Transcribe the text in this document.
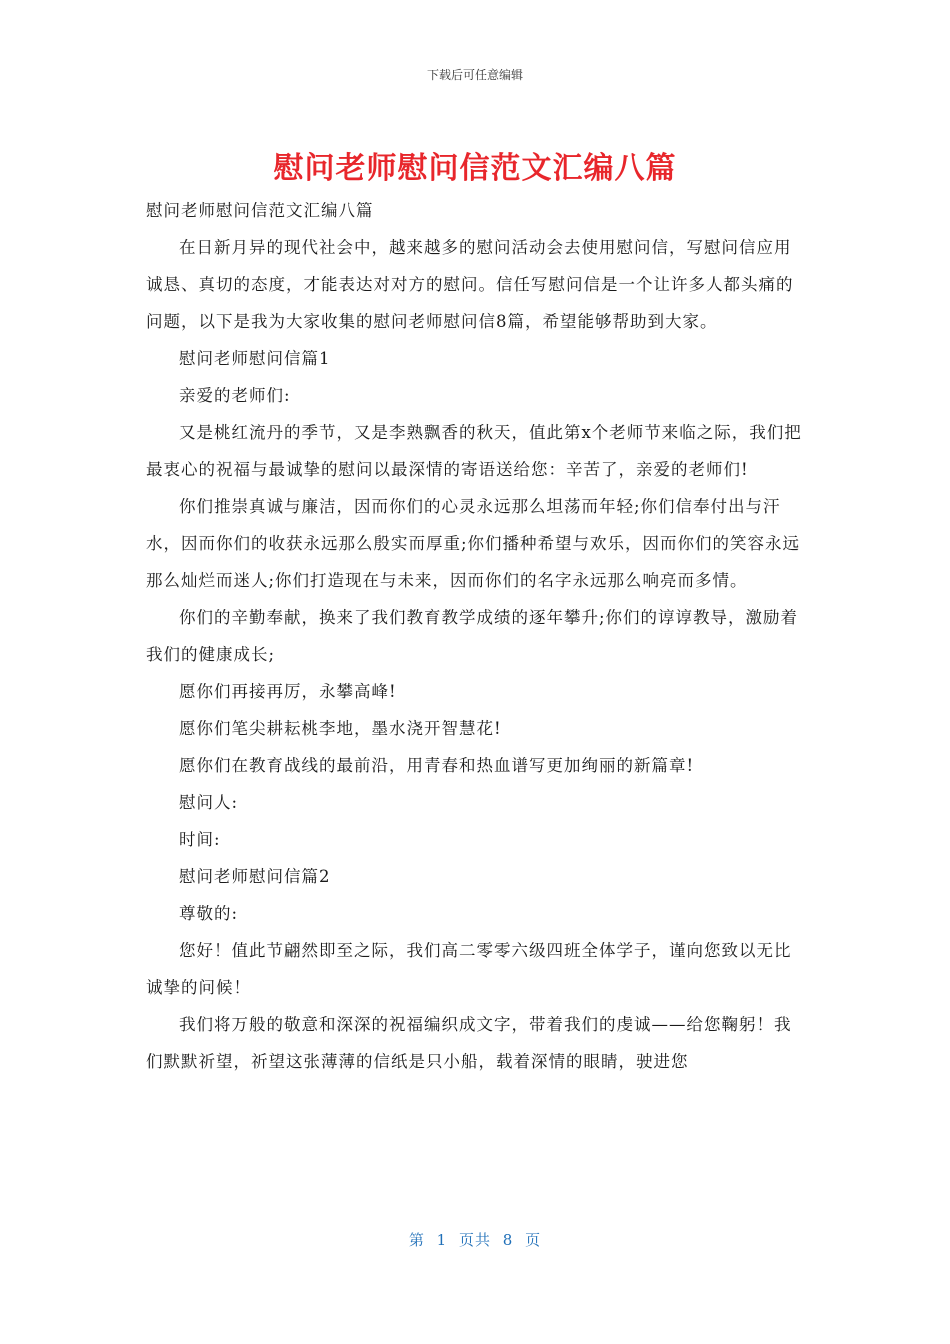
下载后可任意编辑
慰问老师慰问信范文汇编八篇

慰问老师慰问信范文汇编八篇

在日新月异的现代社会中，越来越多的慰问活动会去使用慰问信，写慰问信应用诚恳、真切的态度，才能表达对对方的慰问。信任写慰问信是一个让许多人都头痛的问题，以下是我为大家收集的慰问老师慰问信8篇，希望能够帮助到大家。

慰问老师慰问信篇1

亲爱的老师们:

又是桃红流丹的季节，又是李熟飘香的秋天，值此第x个老师节来临之际，我们把最衷心的祝福与最诚挚的慰问以最深情的寄语送给您：辛苦了，亲爱的老师们!

你们推崇真诚与廉洁，因而你们的心灵永远那么坦荡而年轻;你们信奉付出与汗水，因而你们的收获永远那么殷实而厚重;你们播种希望与欢乐，因而你们的笑容永远那么灿烂而迷人;你们打造现在与未来，因而你们的名字永远那么响亮而多情。

你们的辛勤奉献，换来了我们教育教学成绩的逐年攀升;你们的谆谆教导，激励着我们的健康成长;

愿你们再接再厉，永攀高峰!

愿你们笔尖耕耘桃李地，墨水浇开智慧花!

愿你们在教育战线的最前沿，用青春和热血谱写更加绚丽的新篇章!

慰问人:

时间:

慰问老师慰问信篇2

尊敬的:

您好！值此节翩然即至之际，我们高二零零六级四班全体学子，谨向您致以无比诚挚的问候！

我们将万般的敬意和深深的祝福编织成文字，带着我们的虔诚——给您鞠躬！我们默默祈望，祈望这张薄薄的信纸是只小船，载着深情的眼睛，驶进您

第 1 页共 8 页
